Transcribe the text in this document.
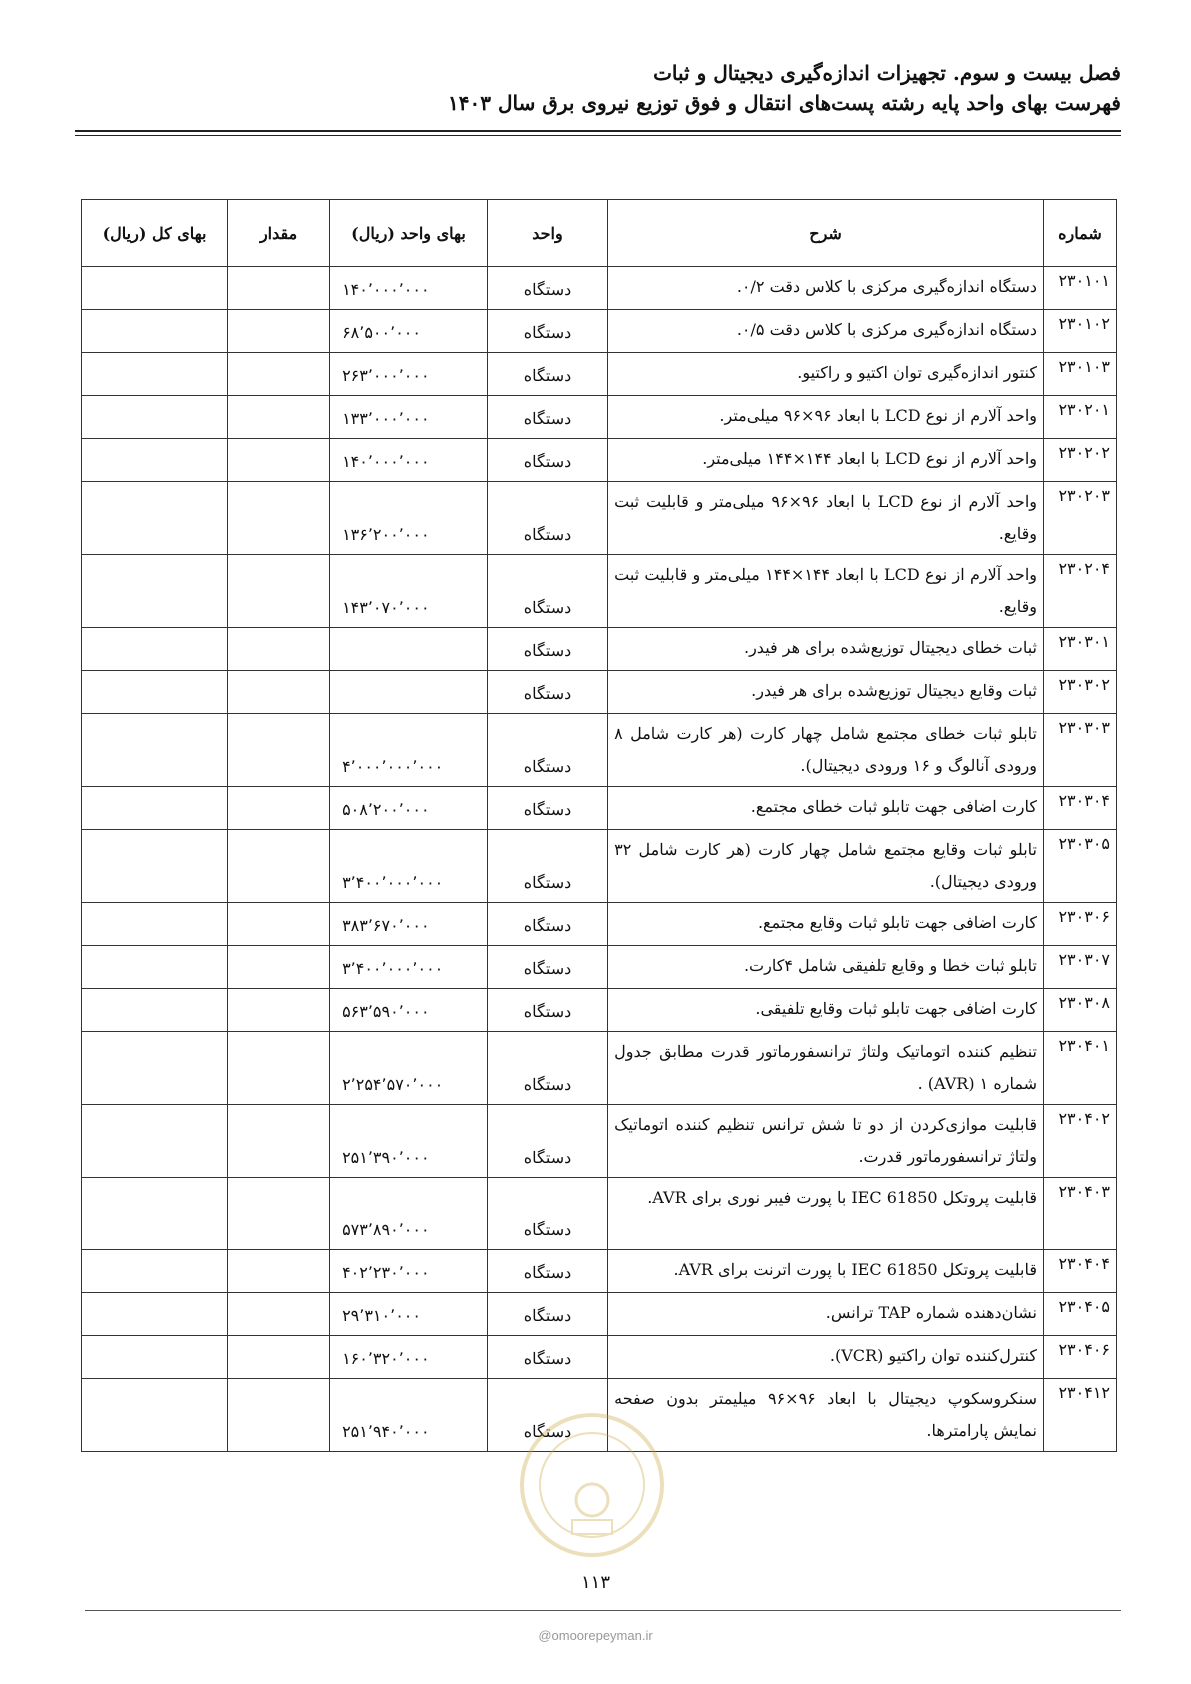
فصل بیست و سوم. تجهیزات اندازه‌گیری دیجیتال و ثبات
فهرست بهای واحد پایه رشته پست‌های انتقال و فوق توزیع نیروی برق سال ۱۴۰۳
شماره	شرح	واحد	بهای واحد (ریال)	مقدار	بهای کل (ریال)
۲۳۰۱۰۱	دستگاه اندازه‌گیری مرکزی با کلاس دقت ۰/۲.	دستگاه	۱۴۰٬۰۰۰٬۰۰۰		
۲۳۰۱۰۲	دستگاه اندازه‌گیری مرکزی با کلاس دقت ۰/۵.	دستگاه	۶۸٬۵۰۰٬۰۰۰		
۲۳۰۱۰۳	کنتور اندازه‌گیری توان اکتیو و راکتیو.	دستگاه	۲۶۳٬۰۰۰٬۰۰۰		
۲۳۰۲۰۱	واحد آلارم از نوع LCD با ابعاد ۹۶×۹۶ میلی‌متر.	دستگاه	۱۳۳٬۰۰۰٬۰۰۰		
۲۳۰۲۰۲	واحد آلارم از نوع LCD با ابعاد ۱۴۴×۱۴۴ میلی‌متر.	دستگاه	۱۴۰٬۰۰۰٬۰۰۰		
۲۳۰۲۰۳	واحد آلارم از نوع LCD با ابعاد ۹۶×۹۶ میلی‌متر و قابلیت ثبت وقایع.	دستگاه	۱۳۶٬۲۰۰٬۰۰۰		
۲۳۰۲۰۴	واحد آلارم از نوع LCD با ابعاد ۱۴۴×۱۴۴ میلی‌متر و قابلیت ثبت وقایع.	دستگاه	۱۴۳٬۰۷۰٬۰۰۰		
۲۳۰۳۰۱	ثبات خطای دیجیتال توزیع‌شده برای هر فیدر.	دستگاه			
۲۳۰۳۰۲	ثبات وقایع دیجیتال توزیع‌شده برای هر فیدر.	دستگاه			
۲۳۰۳۰۳	تابلو ثبات خطای مجتمع شامل چهار کارت (هر کارت شامل ۸ ورودی آنالوگ و ۱۶ ورودی دیجیتال).	دستگاه	۴٬۰۰۰٬۰۰۰٬۰۰۰		
۲۳۰۳۰۴	کارت اضافی جهت تابلو ثبات خطای مجتمع.	دستگاه	۵۰۸٬۲۰۰٬۰۰۰		
۲۳۰۳۰۵	تابلو ثبات وقایع مجتمع شامل چهار کارت (هر کارت شامل ۳۲ ورودی دیجیتال).	دستگاه	۳٬۴۰۰٬۰۰۰٬۰۰۰		
۲۳۰۳۰۶	کارت اضافی جهت تابلو ثبات وقایع مجتمع.	دستگاه	۳۸۳٬۶۷۰٬۰۰۰		
۲۳۰۳۰۷	تابلو ثبات خطا و وقایع تلفیقی شامل ۴کارت.	دستگاه	۳٬۴۰۰٬۰۰۰٬۰۰۰		
۲۳۰۳۰۸	کارت اضافی جهت تابلو ثبات وقایع تلفیقی.	دستگاه	۵۶۳٬۵۹۰٬۰۰۰		
۲۳۰۴۰۱	تنظیم کننده اتوماتیک ولتاژ ترانسفورماتور قدرت مطابق جدول شماره ۱ (AVR) .	دستگاه	۲٬۲۵۴٬۵۷۰٬۰۰۰		
۲۳۰۴۰۲	قابلیت موازی‌کردن از دو تا شش ترانس تنظیم کننده اتوماتیک ولتاژ ترانسفورماتور قدرت.	دستگاه	۲۵۱٬۳۹۰٬۰۰۰		
۲۳۰۴۰۳	قابلیت پروتکل IEC 61850 با پورت فیبر نوری برای AVR.	دستگاه	۵۷۳٬۸۹۰٬۰۰۰		
۲۳۰۴۰۴	قابلیت پروتکل IEC 61850 با پورت اترنت برای AVR.	دستگاه	۴۰۲٬۲۳۰٬۰۰۰		
۲۳۰۴۰۵	نشان‌دهنده شماره TAP ترانس.	دستگاه	۲۹٬۳۱۰٬۰۰۰		
۲۳۰۴۰۶	کنترل‌کننده توان راکتیو (VCR).	دستگاه	۱۶۰٬۳۲۰٬۰۰۰		
۲۳۰۴۱۲	سنکروسکوپ دیجیتال با ابعاد ۹۶×۹۶ میلیمتر بدون صفحه نمایش پارامترها.	دستگاه	۲۵۱٬۹۴۰٬۰۰۰		
۱۱۳
@omoorepeyman.ir
